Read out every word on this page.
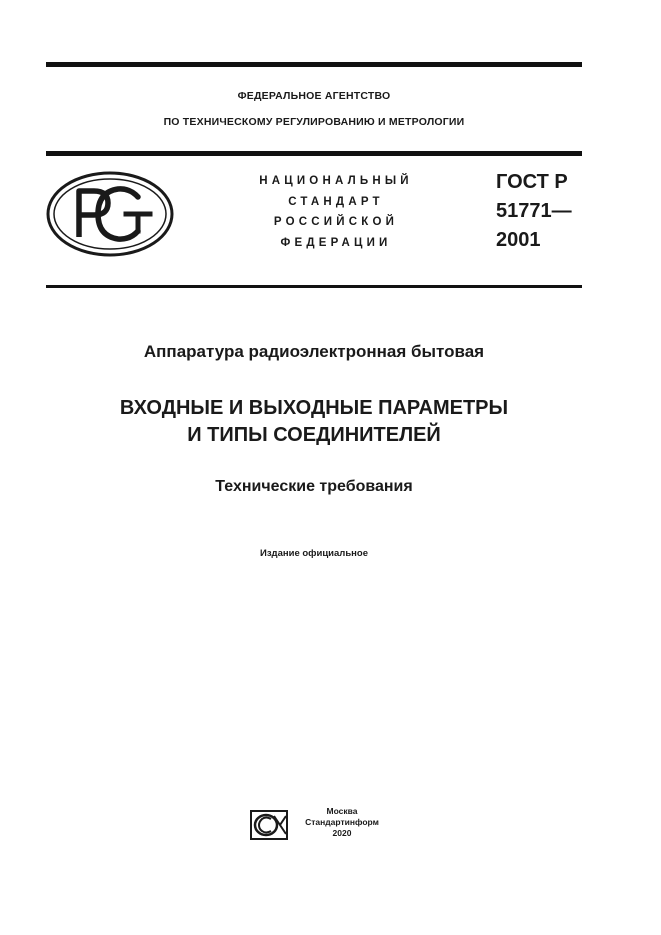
ФЕДЕРАЛЬНОЕ АГЕНТСТВО
ПО ТЕХНИЧЕСКОМУ РЕГУЛИРОВАНИЮ И МЕТРОЛОГИИ
НАЦИОНАЛЬНЫЙ
СТАНДАРТ
РОССИЙСКОЙ
ФЕДЕРАЦИИ
ГОСТ Р
51771—
2001
Аппаратура радиоэлектронная бытовая
ВХОДНЫЕ И ВЫХОДНЫЕ ПАРАМЕТРЫ
И ТИПЫ СОЕДИНИТЕЛЕЙ
Технические требования
Издание официальное
Москва
Стандартинформ
2020
